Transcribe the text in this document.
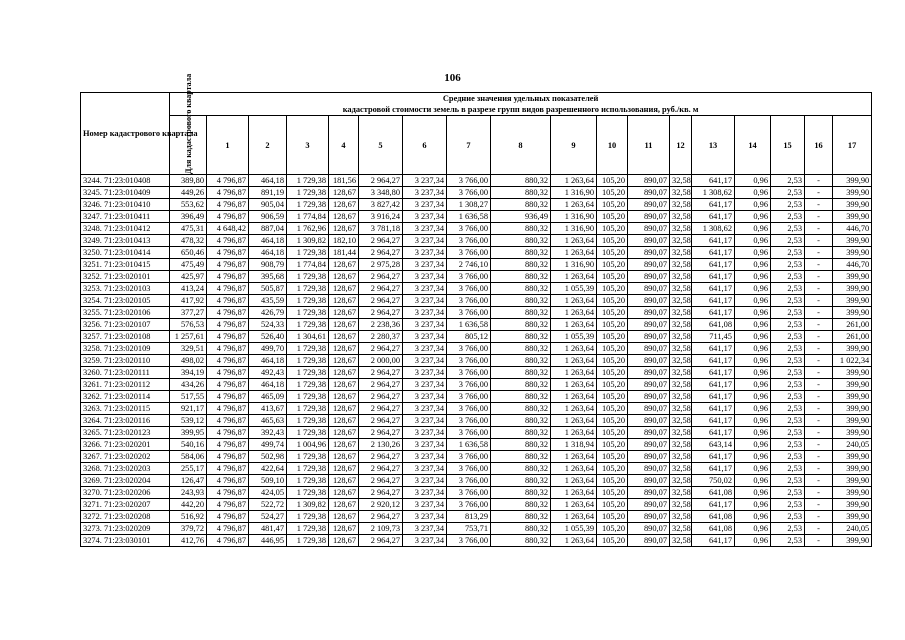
106
Номер кадастрового квартала	Средние значения удельных показателей
кадастровой стоимости земель в разрезе групп видов разрешенного использования, руб./кв. м																	

	Для кадастрового квартала	1	2	3	4	5	6	7	8	9	10	11	12	13	14	15	16	17
3244. 71:23:010408	389,80	4 796,87	464,18	1 729,38	181,56	2 964,27	3 237,34	3 766,00	880,32	1 263,64	105,20	890,07	32,58	641,17	0,96	2,53	-	399,90
3245. 71:23:010409	449,26	4 796,87	891,19	1 729,38	128,67	3 348,80	3 237,34	3 766,00	880,32	1 316,90	105,20	890,07	32,58	1 308,62	0,96	2,53	-	399,90
3246. 71:23:010410	553,62	4 796,87	905,04	1 729,38	128,67	3 827,42	3 237,34	1 308,27	880,32	1 263,64	105,20	890,07	32,58	641,17	0,96	2,53	-	399,90
3247. 71:23:010411	396,49	4 796,87	906,59	1 774,84	128,67	3 916,24	3 237,34	1 636,58	936,49	1 316,90	105,20	890,07	32,58	641,17	0,96	2,53	-	399,90
3248. 71:23:010412	475,31	4 648,42	887,04	1 762,96	128,67	3 781,18	3 237,34	3 766,00	880,32	1 316,90	105,20	890,07	32,58	1 308,62	0,96	2,53	-	446,70
3249. 71:23:010413	478,32	4 796,87	464,18	1 309,82	182,10	2 964,27	3 237,34	3 766,00	880,32	1 263,64	105,20	890,07	32,58	641,17	0,96	2,53	-	399,90
3250. 71:23:010414	650,46	4 796,87	464,18	1 729,38	181,44	2 964,27	3 237,34	3 766,00	880,32	1 263,64	105,20	890,07	32,58	641,17	0,96	2,53	-	399,90
3251. 71:23:010415	475,49	4 796,87	908,79	1 774,84	128,67	2 975,28	3 237,34	2 746,10	880,32	1 316,90	105,20	890,07	32,58	641,17	0,96	2,53	-	446,70
3252. 71:23:020101	425,97	4 796,87	395,68	1 729,38	128,67	2 964,27	3 237,34	3 766,00	880,32	1 263,64	105,20	890,07	32,58	641,17	0,96	2,53	-	399,90
3253. 71:23:020103	413,24	4 796,87	505,87	1 729,38	128,67	2 964,27	3 237,34	3 766,00	880,32	1 055,39	105,20	890,07	32,58	641,17	0,96	2,53	-	399,90
3254. 71:23:020105	417,92	4 796,87	435,59	1 729,38	128,67	2 964,27	3 237,34	3 766,00	880,32	1 263,64	105,20	890,07	32,58	641,17	0,96	2,53	-	399,90
3255. 71:23:020106	377,27	4 796,87	426,79	1 729,38	128,67	2 964,27	3 237,34	3 766,00	880,32	1 263,64	105,20	890,07	32,58	641,17	0,96	2,53	-	399,90
3256. 71:23:020107	576,53	4 796,87	524,33	1 729,38	128,67	2 238,36	3 237,34	1 636,58	880,32	1 263,64	105,20	890,07	32,58	641,08	0,96	2,53	-	261,00
3257. 71:23:020108	1 257,61	4 796,87	526,40	1 304,61	128,67	2 280,37	3 237,34	805,12	880,32	1 055,39	105,20	890,07	32,58	711,45	0,96	2,53	-	261,00
3258. 71:23:020109	329,51	4 796,87	499,70	1 729,38	128,67	2 964,27	3 237,34	3 766,00	880,32	1 263,64	105,20	890,07	32,58	641,17	0,96	2,53	-	399,90
3259. 71:23:020110	498,02	4 796,87	464,18	1 729,38	128,67	2 000,00	3 237,34	3 766,00	880,32	1 263,64	105,20	890,07	32,58	641,17	0,96	2,53	-	1 022,34
3260. 71:23:020111	394,19	4 796,87	492,43	1 729,38	128,67	2 964,27	3 237,34	3 766,00	880,32	1 263,64	105,20	890,07	32,58	641,17	0,96	2,53	-	399,90
3261. 71:23:020112	434,26	4 796,87	464,18	1 729,38	128,67	2 964,27	3 237,34	3 766,00	880,32	1 263,64	105,20	890,07	32,58	641,17	0,96	2,53	-	399,90
3262. 71:23:020114	517,55	4 796,87	465,09	1 729,38	128,67	2 964,27	3 237,34	3 766,00	880,32	1 263,64	105,20	890,07	32,58	641,17	0,96	2,53	-	399,90
3263. 71:23:020115	921,17	4 796,87	413,67	1 729,38	128,67	2 964,27	3 237,34	3 766,00	880,32	1 263,64	105,20	890,07	32,58	641,17	0,96	2,53	-	399,90
3264. 71:23:020116	539,12	4 796,87	465,63	1 729,38	128,67	2 964,27	3 237,34	3 766,00	880,32	1 263,64	105,20	890,07	32,58	641,17	0,96	2,53	-	399,90
3265. 71:23:020123	399,95	4 796,87	392,43	1 729,38	128,67	2 964,27	3 237,34	3 766,00	880,32	1 263,64	105,20	890,07	32,58	641,17	0,96	2,53	-	399,90
3266. 71:23:020201	540,16	4 796,87	499,74	1 004,96	128,67	2 130,26	3 237,34	1 636,58	880,32	1 318,94	105,20	890,07	32,58	643,14	0,96	2,53	-	240,05
3267. 71:23:020202	584,06	4 796,87	502,98	1 729,38	128,67	2 964,27	3 237,34	3 766,00	880,32	1 263,64	105,20	890,07	32,58	641,17	0,96	2,53	-	399,90
3268. 71:23:020203	255,17	4 796,87	422,64	1 729,38	128,67	2 964,27	3 237,34	3 766,00	880,32	1 263,64	105,20	890,07	32,58	641,17	0,96	2,53	-	399,90
3269. 71:23:020204	126,47	4 796,87	509,10	1 729,38	128,67	2 964,27	3 237,34	3 766,00	880,32	1 263,64	105,20	890,07	32,58	750,02	0,96	2,53	-	399,90
3270. 71:23:020206	243,93	4 796,87	424,05	1 729,38	128,67	2 964,27	3 237,34	3 766,00	880,32	1 263,64	105,20	890,07	32,58	641,08	0,96	2,53	-	399,90
3271. 71:23:020207	442,20	4 796,87	522,72	1 309,82	128,67	2 920,12	3 237,34	3 766,00	880,32	1 263,64	105,20	890,07	32,58	641,17	0,96	2,53	-	399,90
3272. 71:23:020208	516,92	4 796,87	524,27	1 729,38	128,67	2 964,27	3 237,34	813,29	880,32	1 263,64	105,20	890,07	32,58	641,08	0,96	2,53	-	399,90
3273. 71:23:020209	379,72	4 796,87	481,47	1 729,38	128,67	2 109,73	3 237,34	753,71	880,32	1 055,39	105,20	890,07	32,58	641,08	0,96	2,53	-	240,05
3274. 71:23:030101	412,76	4 796,87	446,95	1 729,38	128,67	2 964,27	3 237,34	3 766,00	880,32	1 263,64	105,20	890,07	32,58	641,17	0,96	2,53	-	399,90
